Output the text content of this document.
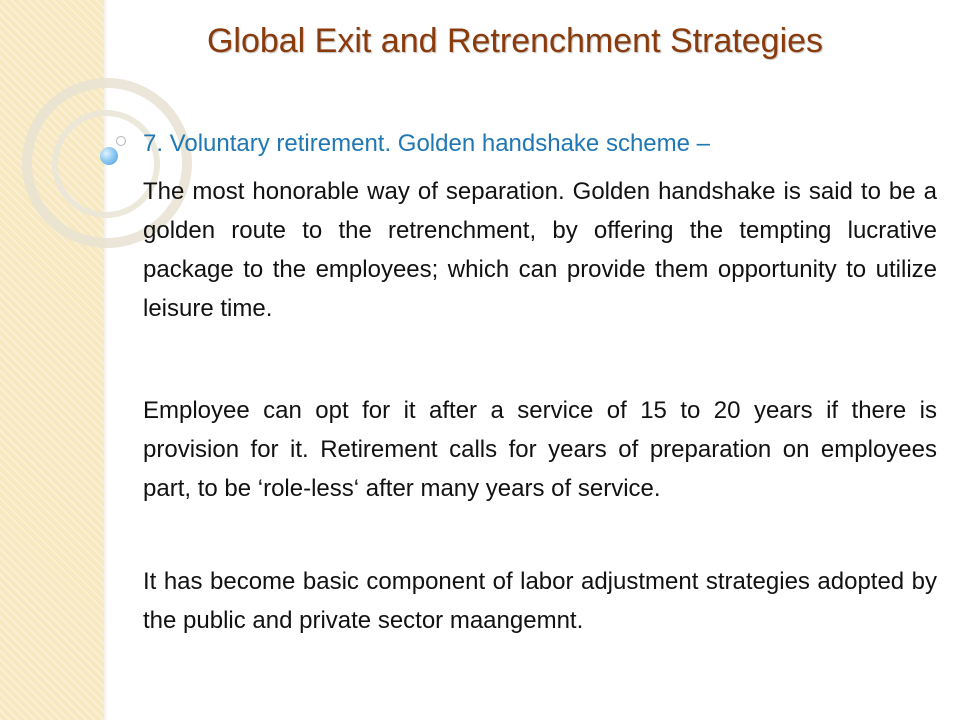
Global Exit and Retrenchment Strategies

7. Voluntary retirement. Golden handshake scheme –

The most honorable way of separation. Golden handshake is said to be a golden route to the retrenchment, by offering the tempting lucrative package to the employees; which can provide them opportunity to utilize leisure time.

Employee can opt for it after a service of 15 to 20 years if there is provision for it. Retirement calls for years of preparation on employees part, to be ‘role-less‘ after many years of service.

It has become basic component of labor adjustment strategies adopted by the public and private sector maangemnt.
